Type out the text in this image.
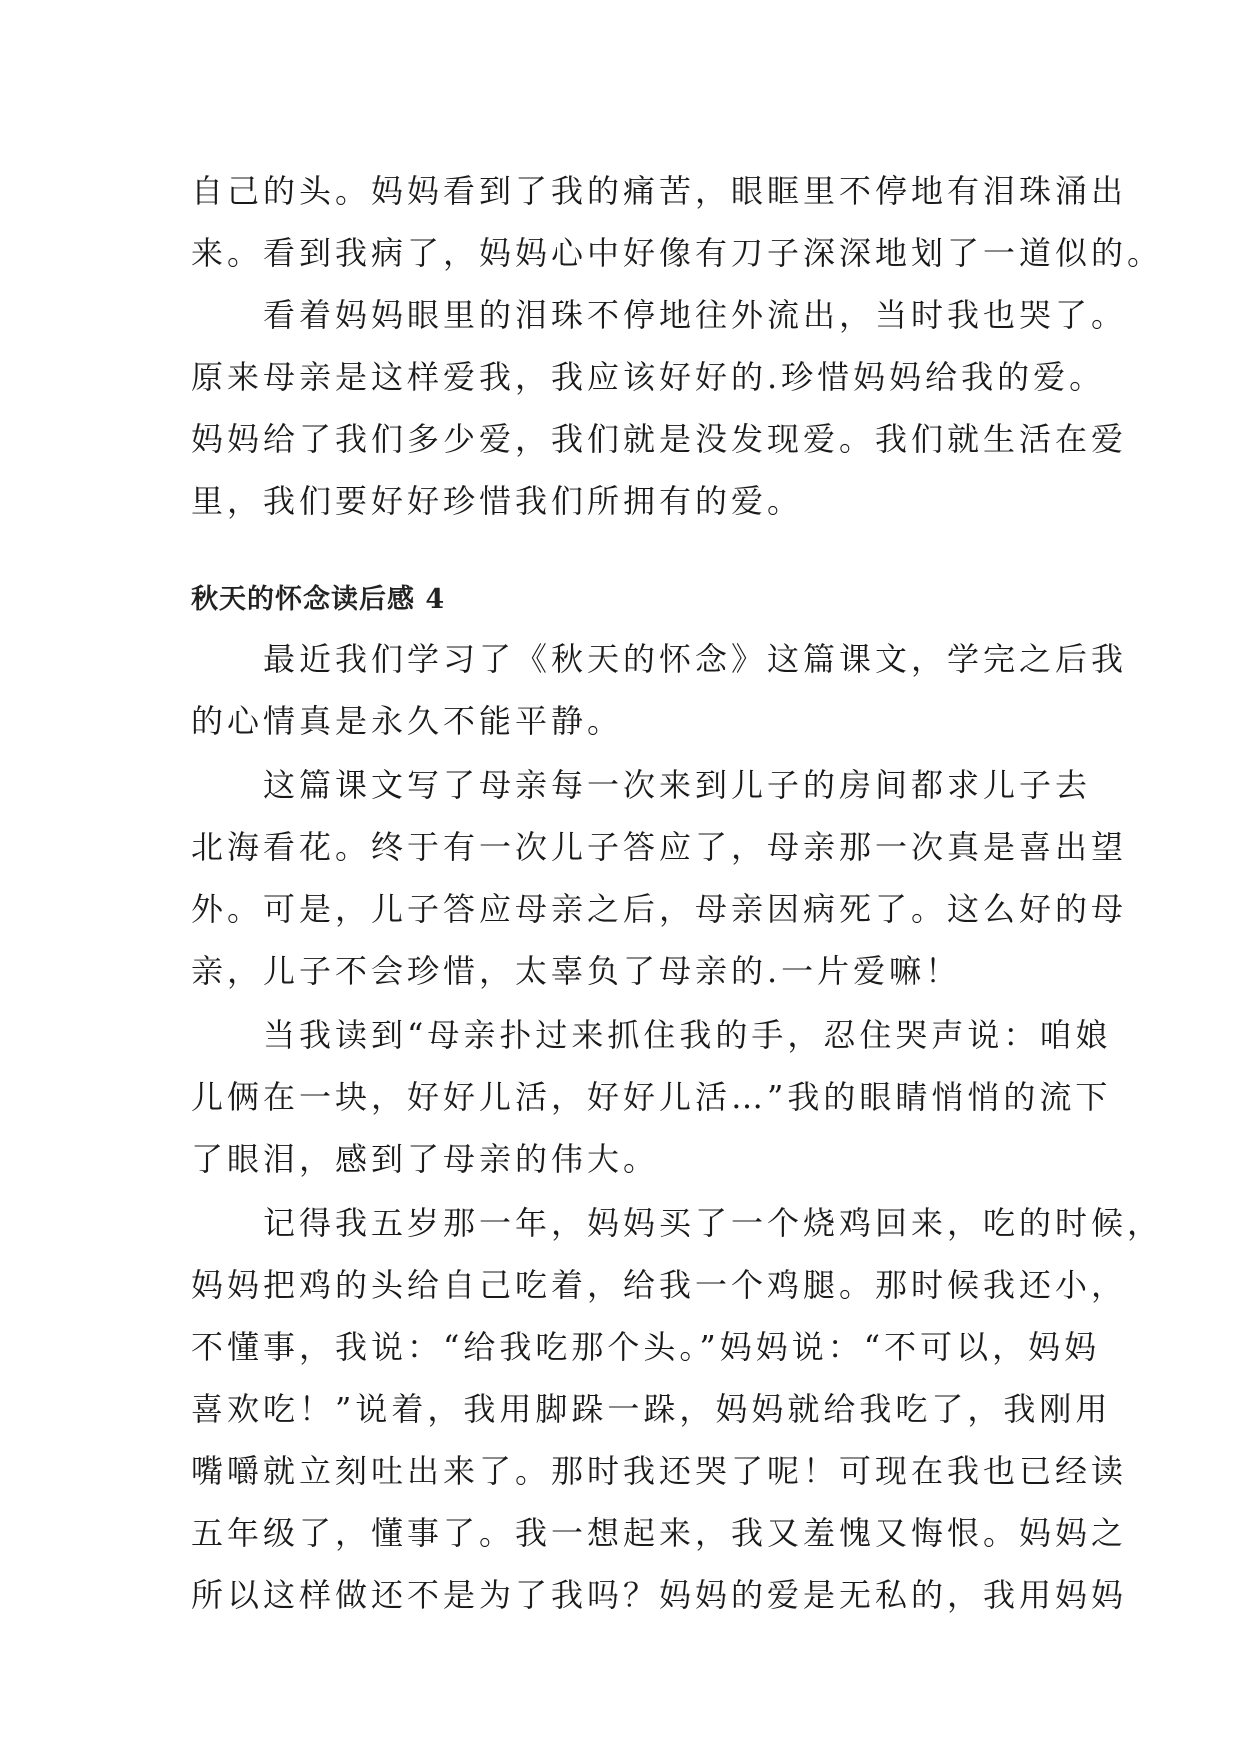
自己的头。妈妈看到了我的痛苦，眼眶里不停地有泪珠涌出
来。看到我病了，妈妈心中好像有刀子深深地划了一道似的。

看着妈妈眼里的泪珠不停地往外流出，当时我也哭了。
原来母亲是这样爱我，我应该好好的.珍惜妈妈给我的爱。
妈妈给了我们多少爱，我们就是没发现爱。我们就生活在爱
里，我们要好好珍惜我们所拥有的爱。

秋天的怀念读后感 4

最近我们学习了《秋天的怀念》这篇课文，学完之后我
的心情真是永久不能平静。

这篇课文写了母亲每一次来到儿子的房间都求儿子去
北海看花。终于有一次儿子答应了，母亲那一次真是喜出望
外。可是，儿子答应母亲之后，母亲因病死了。这么好的母
亲，儿子不会珍惜，太辜负了母亲的.一片爱嘛！

当我读到“母亲扑过来抓住我的手，忍住哭声说：咱娘
儿俩在一块，好好儿活，好好儿活…”我的眼睛悄悄的流下
了眼泪，感到了母亲的伟大。

记得我五岁那一年，妈妈买了一个烧鸡回来，吃的时候，
妈妈把鸡的头给自己吃着，给我一个鸡腿。那时候我还小，
不懂事，我说：“给我吃那个头。”妈妈说：“不可以，妈妈
喜欢吃！”说着，我用脚跺一跺，妈妈就给我吃了，我刚用
嘴嚼就立刻吐出来了。那时我还哭了呢！可现在我也已经读
五年级了，懂事了。我一想起来，我又羞愧又悔恨。妈妈之
所以这样做还不是为了我吗？妈妈的爱是无私的，我用妈妈
